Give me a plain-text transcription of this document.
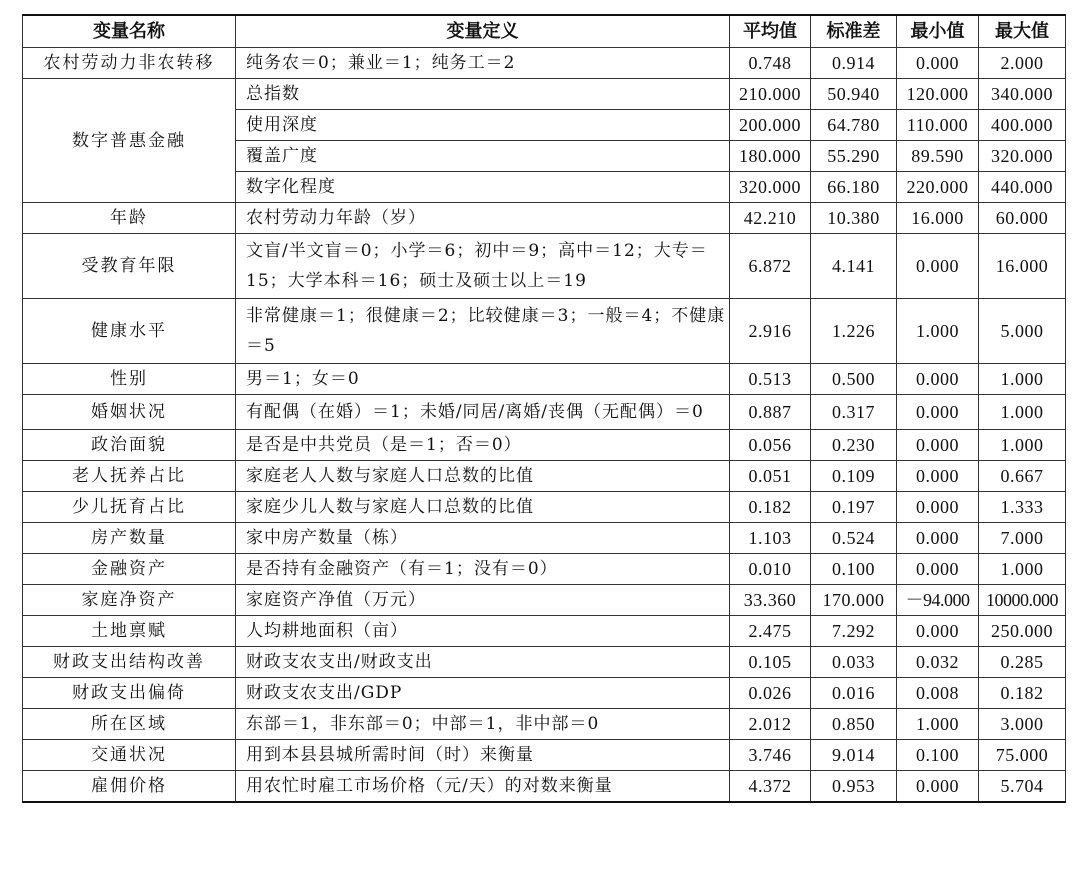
变量名称	变量定义	平均值	标准差	最小值	最大值
农村劳动力非农转移	纯务农＝0；兼业＝1；纯务工＝2	0.748	0.914	0.000	2.000
数字普惠金融	总指数	210.000	50.940	120.000	340.000
	使用深度	200.000	64.780	110.000	400.000
	覆盖广度	180.000	55.290	89.590	320.000
	数字化程度	320.000	66.180	220.000	440.000
年龄	农村劳动力年龄（岁）	42.210	10.380	16.000	60.000
受教育年限	文盲/半文盲＝0；小学＝6；初中＝9；高中＝12；大专＝15；大学本科＝16；硕士及硕士以上＝19	6.872	4.141	0.000	16.000
健康水平	非常健康＝1；很健康＝2；比较健康＝3；一般＝4；不健康＝5	2.916	1.226	1.000	5.000
性别	男＝1；女＝0	0.513	0.500	0.000	1.000
婚姻状况	有配偶（在婚）＝1；未婚/同居/离婚/丧偶（无配偶）＝0	0.887	0.317	0.000	1.000
政治面貌	是否是中共党员（是＝1；否＝0）	0.056	0.230	0.000	1.000
老人抚养占比	家庭老人人数与家庭人口总数的比值	0.051	0.109	0.000	0.667
少儿抚育占比	家庭少儿人数与家庭人口总数的比值	0.182	0.197	0.000	1.333
房产数量	家中房产数量（栋）	1.103	0.524	0.000	7.000
金融资产	是否持有金融资产（有＝1；没有＝0）	0.010	0.100	0.000	1.000
家庭净资产	家庭资产净值（万元）	33.360	170.000	－94.000	10000.000
土地禀赋	人均耕地面积（亩）	2.475	7.292	0.000	250.000
财政支出结构改善	财政支农支出/财政支出	0.105	0.033	0.032	0.285
财政支出偏倚	财政支农支出/GDP	0.026	0.016	0.008	0.182
所在区域	东部＝1，非东部＝0；中部＝1，非中部＝0	2.012	0.850	1.000	3.000
交通状况	用到本县县城所需时间（时）来衡量	3.746	9.014	0.100	75.000
雇佣价格	用农忙时雇工市场价格（元/天）的对数来衡量	4.372	0.953	0.000	5.704
